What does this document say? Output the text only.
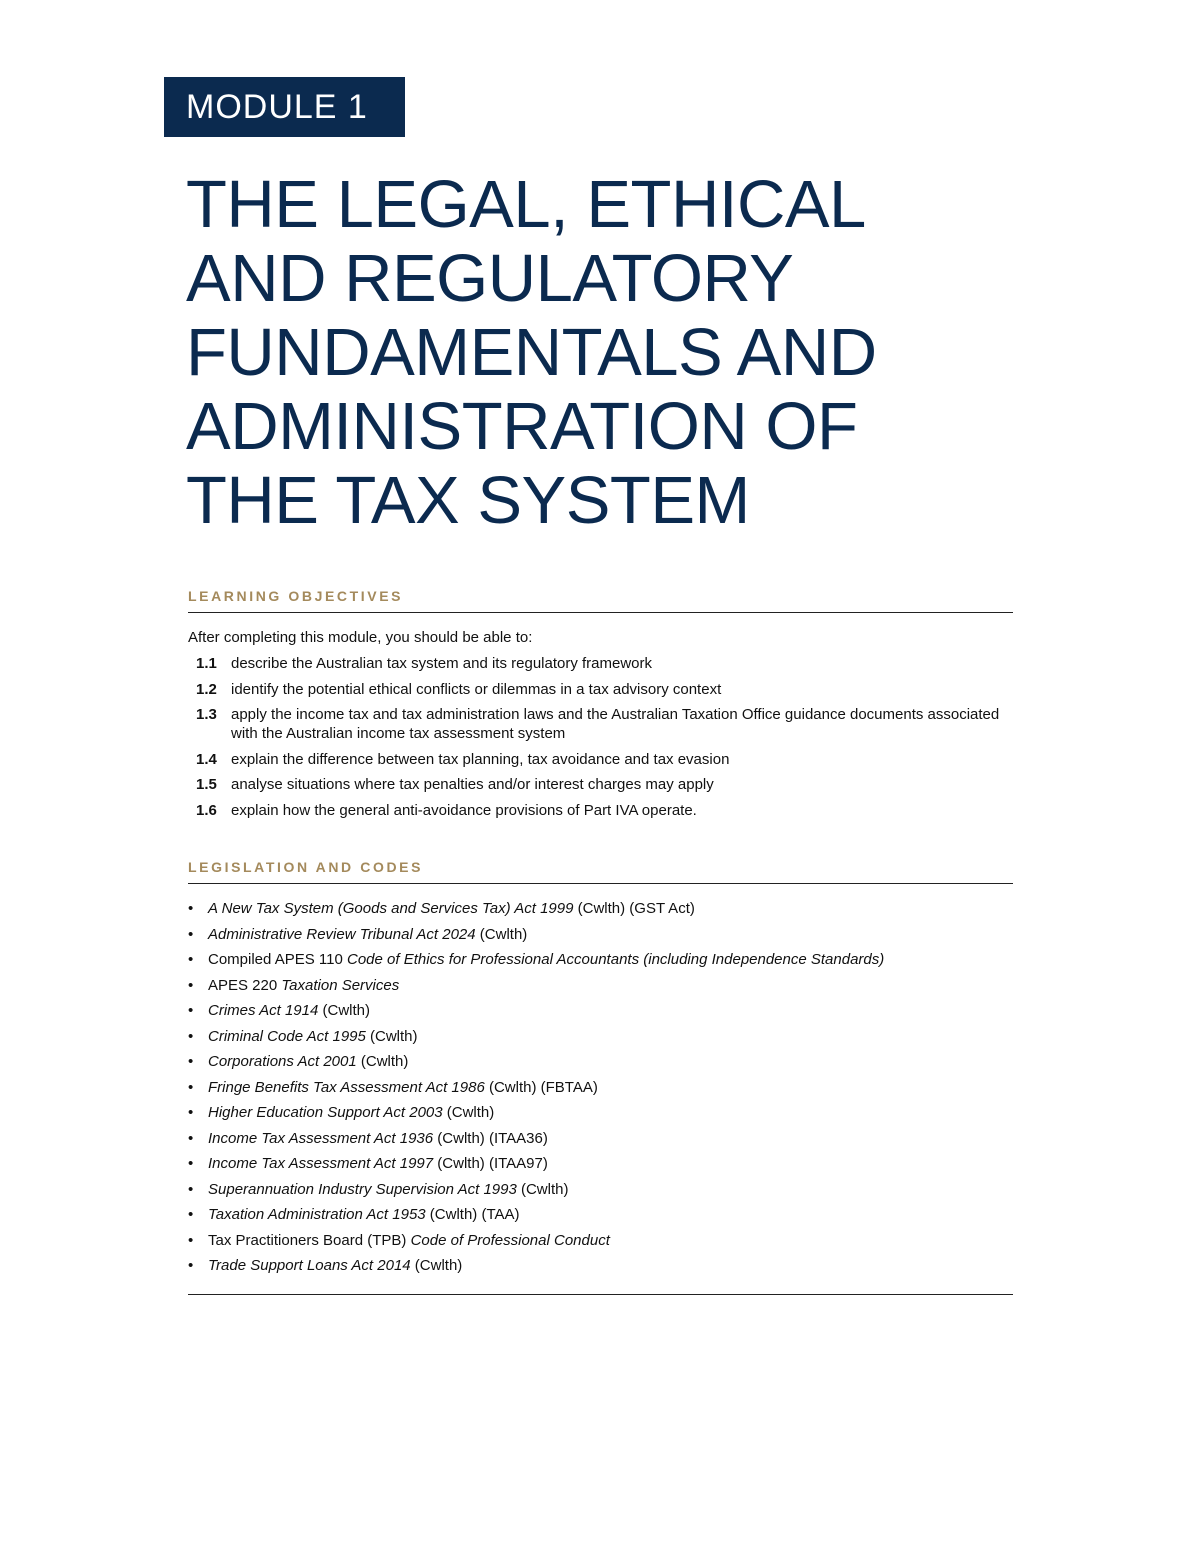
MODULE 1
THE LEGAL, ETHICAL
AND REGULATORY
FUNDAMENTALS AND
ADMINISTRATION OF
THE TAX SYSTEM
LEARNING OBJECTIVES

After completing this module, you should be able to:

1.1 describe the Australian tax system and its regulatory framework
1.2 identify the potential ethical conflicts or dilemmas in a tax advisory context
1.3 apply the income tax and tax administration laws and the Australian Taxation Office guidance documents associated with the Australian income tax assessment system
1.4 explain the difference between tax planning, tax avoidance and tax evasion
1.5 analyse situations where tax penalties and/or interest charges may apply
1.6 explain how the general anti-avoidance provisions of Part IVA operate.
LEGISLATION AND CODES
• A New Tax System (Goods and Services Tax) Act 1999 (Cwlth) (GST Act)
• Administrative Review Tribunal Act 2024 (Cwlth)
• Compiled APES 110 Code of Ethics for Professional Accountants (including Independence Standards)
• APES 220 Taxation Services
• Crimes Act 1914 (Cwlth)
• Criminal Code Act 1995 (Cwlth)
• Corporations Act 2001 (Cwlth)
• Fringe Benefits Tax Assessment Act 1986 (Cwlth) (FBTAA)
• Higher Education Support Act 2003 (Cwlth)
• Income Tax Assessment Act 1936 (Cwlth) (ITAA36)
• Income Tax Assessment Act 1997 (Cwlth) (ITAA97)
• Superannuation Industry Supervision Act 1993 (Cwlth)
• Taxation Administration Act 1953 (Cwlth) (TAA)
• Tax Practitioners Board (TPB) Code of Professional Conduct
• Trade Support Loans Act 2014 (Cwlth)
